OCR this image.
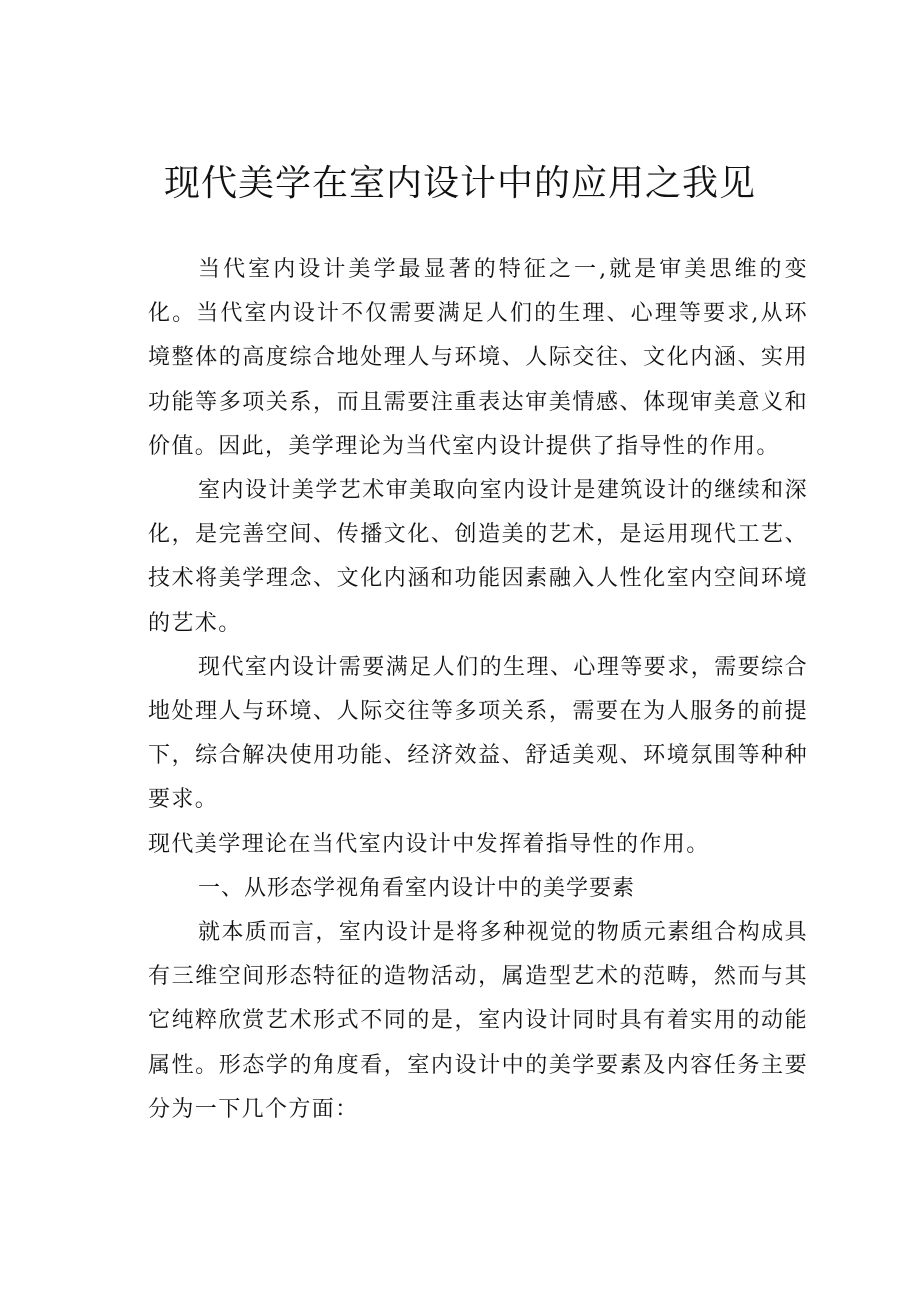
现代美学在室内设计中的应用之我见

当代室内设计美学最显著的特征之一,就是审美思维的变化。当代室内设计不仅需要满足人们的生理、心理等要求,从环境整体的高度综合地处理人与环境、人际交往、文化内涵、实用功能等多项关系，而且需要注重表达审美情感、体现审美意义和价值。因此，美学理论为当代室内设计提供了指导性的作用。

室内设计美学艺术审美取向室内设计是建筑设计的继续和深化，是完善空间、传播文化、创造美的艺术，是运用现代工艺、技术将美学理念、文化内涵和功能因素融入人性化室内空间环境的艺术。

现代室内设计需要满足人们的生理、心理等要求，需要综合地处理人与环境、人际交往等多项关系，需要在为人服务的前提下，综合解决使用功能、经济效益、舒适美观、环境氛围等种种要求。

现代美学理论在当代室内设计中发挥着指导性的作用。

一、从形态学视角看室内设计中的美学要素

就本质而言，室内设计是将多种视觉的物质元素组合构成具有三维空间形态特征的造物活动，属造型艺术的范畴，然而与其它纯粹欣赏艺术形式不同的是，室内设计同时具有着实用的动能属性。形态学的角度看，室内设计中的美学要素及内容任务主要分为一下几个方面：
